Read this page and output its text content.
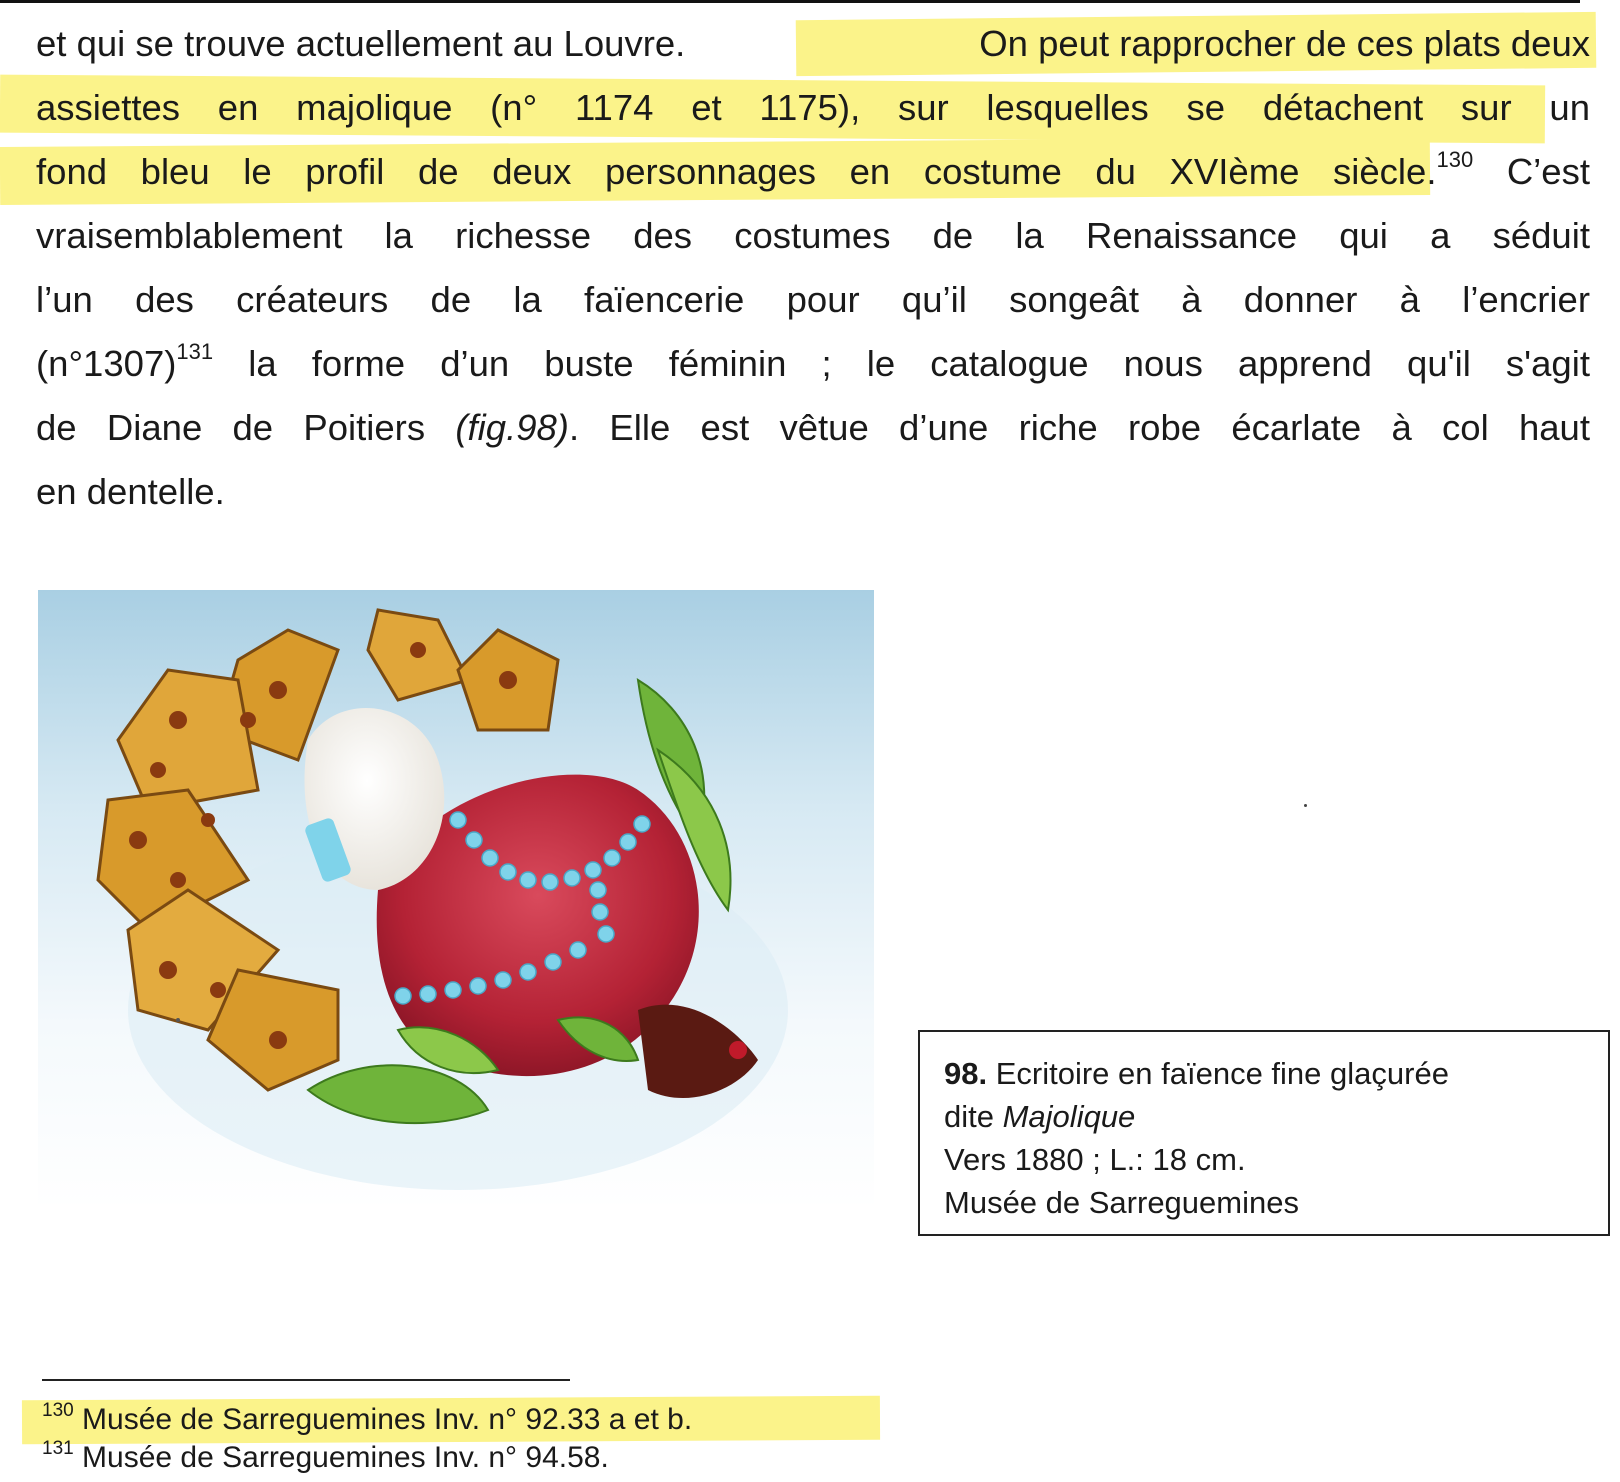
et qui se trouve actuellement au Louvre.	On peut rapprocher de ces plats deux
assiettes en majolique (n° 1174 et 1175), sur lesquelles se détachent sur un
fond bleu le profil de deux personnages en costume du XVIème siècle.$^{130}$ C’est
vraisemblablement la richesse des costumes de la Renaissance qui a séduit
l’un des créateurs de la faïencerie pour qu’il songeât à donner à l’encrier
$(n^\circ 1307)^{131}$ la forme d’un buste féminin ; le catalogue nous apprend qu'il s'agit
de Diane de Poitiers (fig.98). Elle est vêtue d’une riche robe écarlate à col haut
en dentelle.
98. Ecritoire en faïence fine glaçurée
dite Majolique
Vers 1880 ; L.: 18 cm.
Musée de Sarreguemines
$^{130}$ Musée de Sarreguemines Inv. n° 92.33 a et b.
$^{131}$ Musée de Sarreguemines Inv. n° 94.58.
